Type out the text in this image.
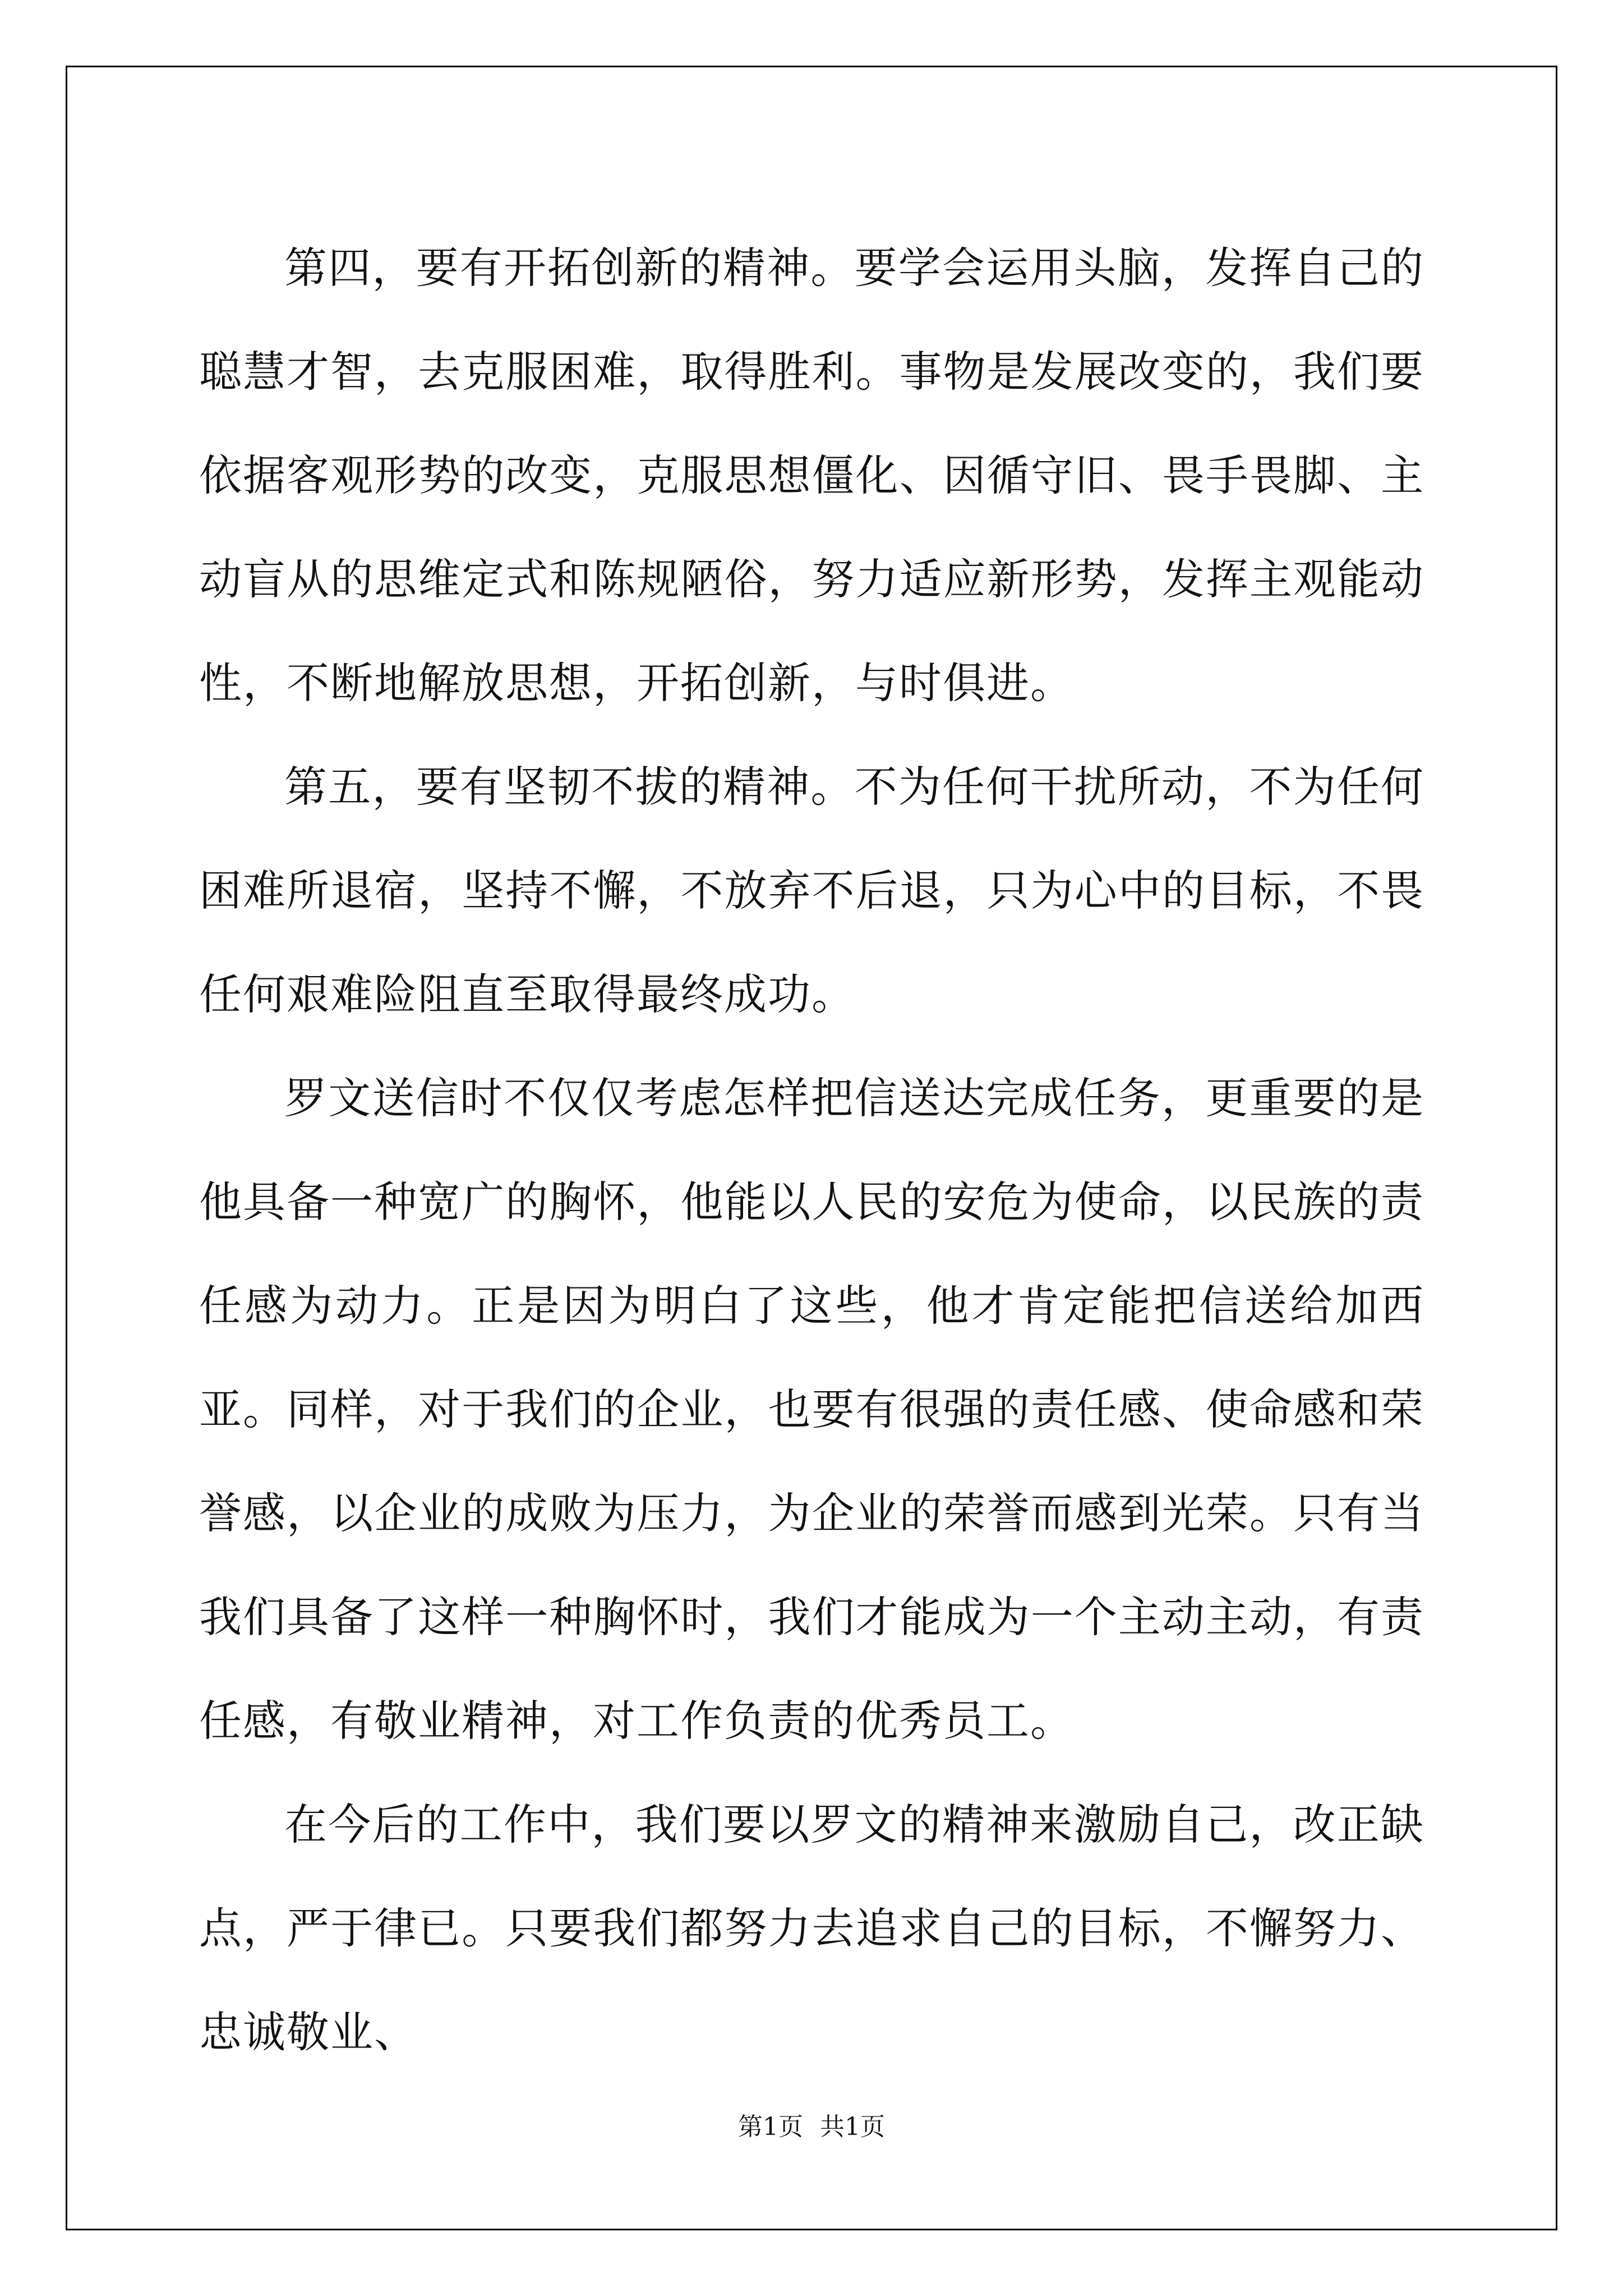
第四，要有开拓创新的精神。要学会运用头脑，发挥自己的聪慧才智，去克服困难，取得胜利。事物是发展改变的，我们要依据客观形势的改变，克服思想僵化、因循守旧、畏手畏脚、主动盲从的思维定式和陈规陋俗，努力适应新形势，发挥主观能动性，不断地解放思想，开拓创新，与时俱进。

第五，要有坚韧不拔的精神。不为任何干扰所动，不为任何困难所退宿，坚持不懈，不放弃不后退，只为心中的目标，不畏任何艰难险阻直至取得最终成功。

罗文送信时不仅仅考虑怎样把信送达完成任务，更重要的是他具备一种宽广的胸怀，他能以人民的安危为使命，以民族的责任感为动力。正是因为明白了这些，他才肯定能把信送给加西亚。同样，对于我们的企业，也要有很强的责任感、使命感和荣誉感，以企业的成败为压力，为企业的荣誉而感到光荣。只有当我们具备了这样一种胸怀时，我们才能成为一个主动主动，有责任感，有敬业精神，对工作负责的优秀员工。

在今后的工作中，我们要以罗文的精神来激励自己，改正缺点，严于律已。只要我们都努力去追求自己的目标，不懈努力、忠诚敬业、

第1页 共1页
